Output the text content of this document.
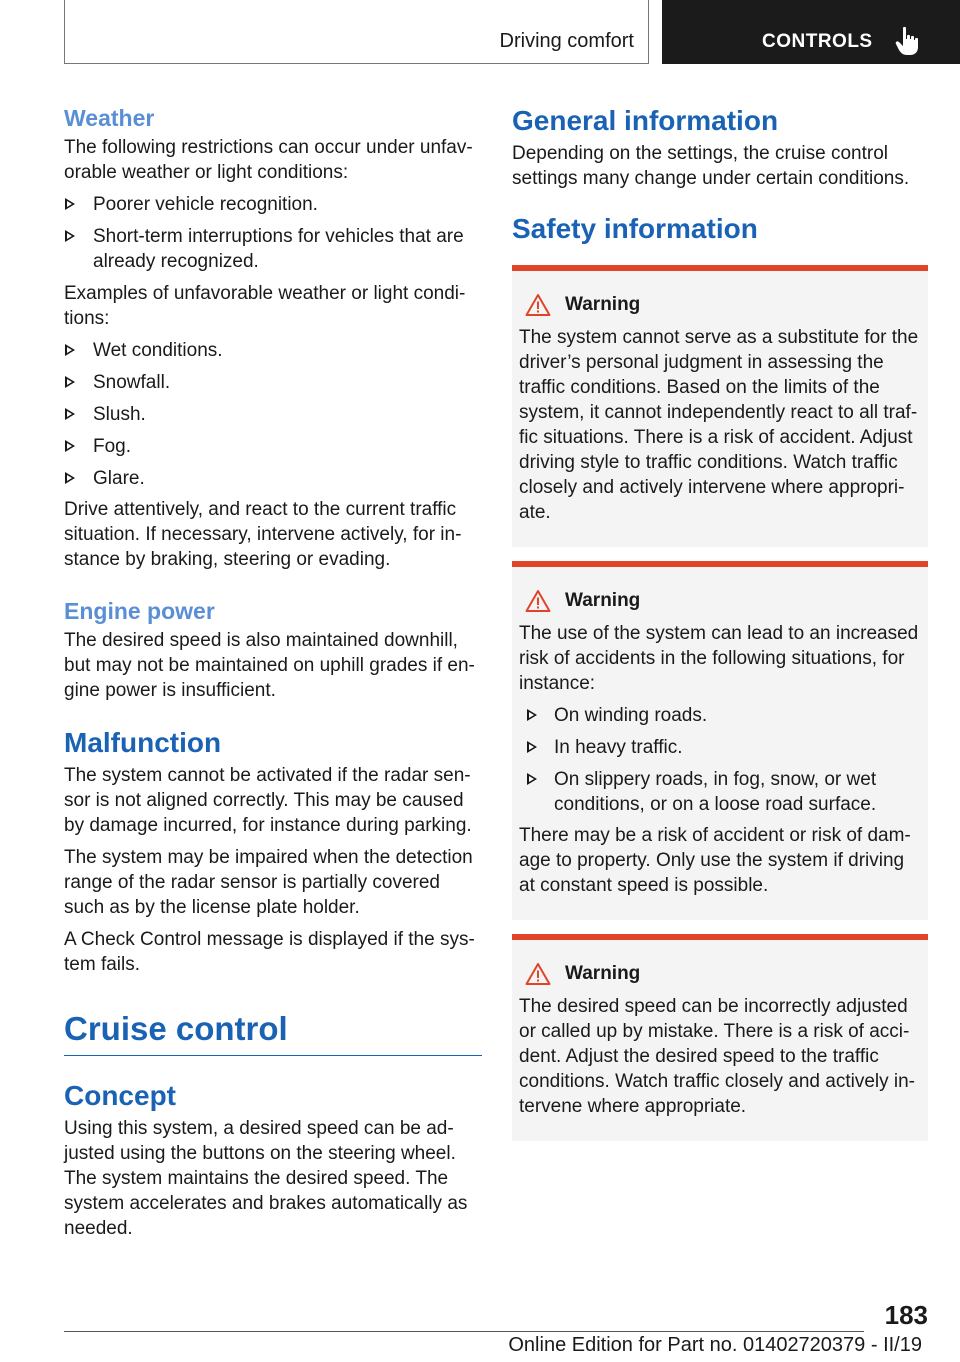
Driving comfort	CONTROLS
Weather

The following restrictions can occur under unfav-orable weather or light conditions:

Poorer vehicle recognition.
Short-term interruptions for vehicles that are already recognized.

Examples of unfavorable weather or light condi-tions:

Wet conditions.
Snowfall.
Slush.
Fog.
Glare.

Drive attentively, and react to the current traffic situation. If necessary, intervene actively, for in-stance by braking, steering or evading.

Engine power

The desired speed is also maintained downhill, but may not be maintained on uphill grades if en-gine power is insufficient.

Malfunction

The system cannot be activated if the radar sen-sor is not aligned correctly. This may be caused by damage incurred, for instance during parking.

The system may be impaired when the detection range of the radar sensor is partially covered such as by the license plate holder.

A Check Control message is displayed if the sys-tem fails.

Cruise control
Concept

Using this system, a desired speed can be ad-justed using the buttons on the steering wheel. The system maintains the desired speed. The system accelerates and brakes automatically as needed.

General information

Depending on the settings, the cruise control settings many change under certain conditions.

Safety information
Warning

The system cannot serve as a substitute for the driver’s personal judgment in assessing the traffic conditions. Based on the limits of the system, it cannot independently react to all traf-fic situations. There is a risk of accident. Adjust driving style to traffic conditions. Watch traffic closely and actively intervene where appropri-ate.

Warning

The use of the system can lead to an increased risk of accidents in the following situations, for instance:

On winding roads.
In heavy traffic.
On slippery roads, in fog, snow, or wet conditions, or on a loose road surface.

There may be a risk of accident or risk of dam-age to property. Only use the system if driving at constant speed is possible.

Warning

The desired speed can be incorrectly adjusted or called up by mistake. There is a risk of acci-dent. Adjust the desired speed to the traffic conditions. Watch traffic closely and actively in-tervene where appropriate.

183
Online Edition for Part no. 01402720379 - II/19
